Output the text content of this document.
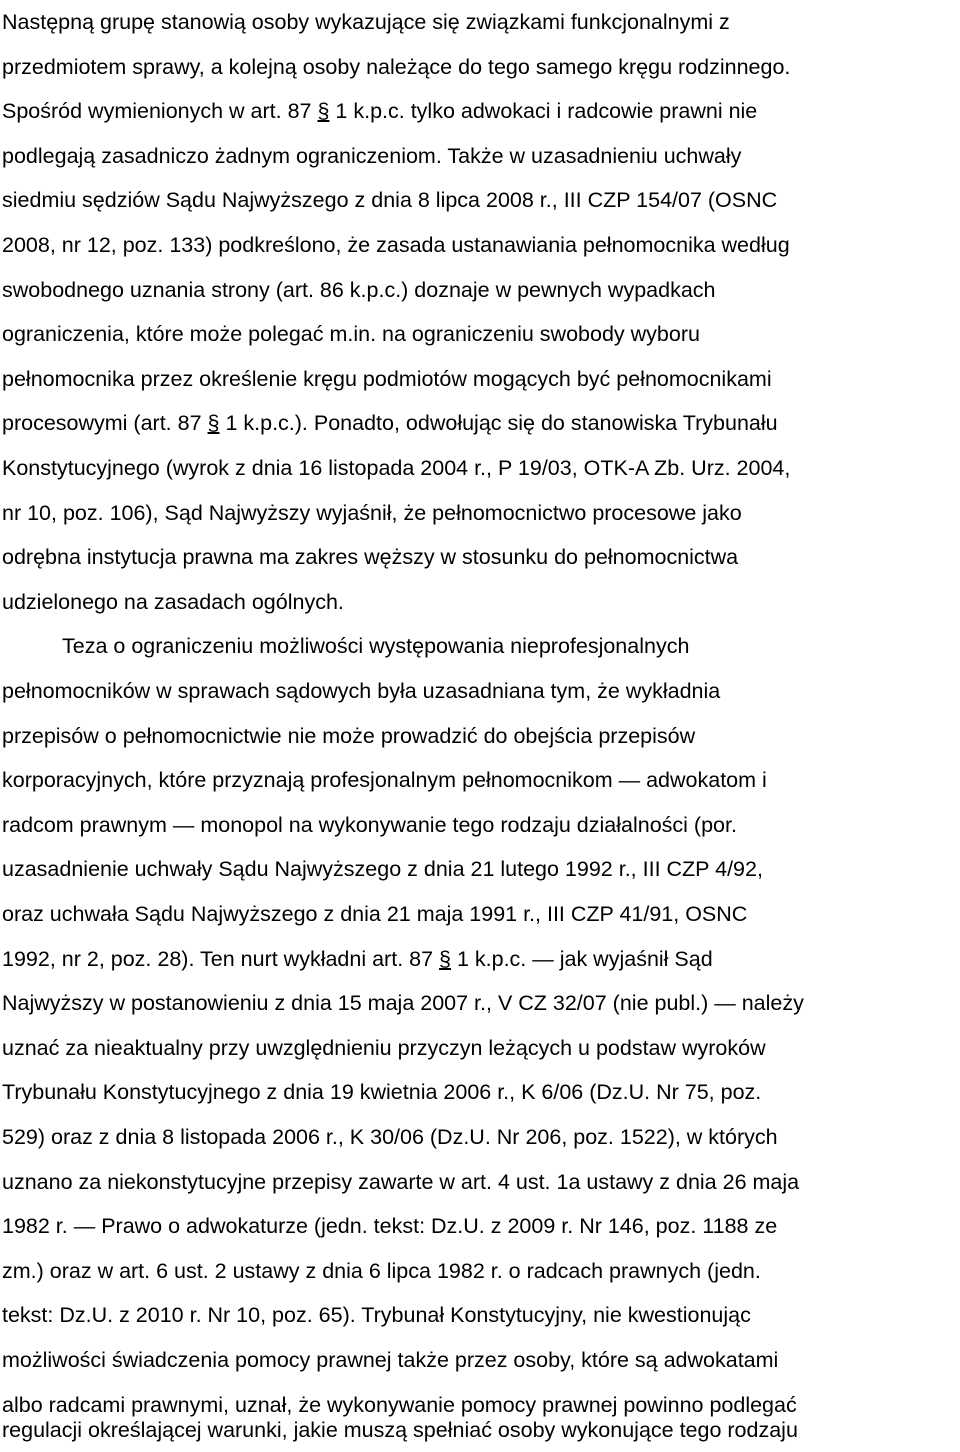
Następną grupę stanowią osoby wykazujące się związkami funkcjonalnymi z
przedmiotem sprawy, a kolejną osoby należące do tego samego kręgu rodzinnego.
Spośród wymienionych w art. 87 § 1 k.p.c. tylko adwokaci i radcowie prawni nie
podlegają zasadniczo żadnym ograniczeniom. Także w uzasadnieniu uchwały
siedmiu sędziów Sądu Najwyższego z dnia 8 lipca 2008 r., III CZP 154/07 (OSNC
2008, nr 12, poz. 133) podkreślono, że zasada ustanawiania pełnomocnika według
swobodnego uznania strony (art. 86 k.p.c.) doznaje w pewnych wypadkach
ograniczenia, które może polegać m.in. na ograniczeniu swobody wyboru
pełnomocnika przez określenie kręgu podmiotów mogących być pełnomocnikami
procesowymi (art. 87 § 1 k.p.c.). Ponadto, odwołując się do stanowiska Trybunału
Konstytucyjnego (wyrok z dnia 16 listopada 2004 r., P 19/03, OTK-A Zb. Urz. 2004,
nr 10, poz. 106), Sąd Najwyższy wyjaśnił, że pełnomocnictwo procesowe jako
odrębna instytucja prawna ma zakres węższy w stosunku do pełnomocnictwa
udzielonego na zasadach ogólnych.
Teza o ograniczeniu możliwości występowania nieprofesjonalnych
pełnomocników w sprawach sądowych była uzasadniana tym, że wykładnia
przepisów o pełnomocnictwie nie może prowadzić do obejścia przepisów
korporacyjnych, które przyznają profesjonalnym pełnomocnikom — adwokatom i
radcom prawnym — monopol na wykonywanie tego rodzaju działalności (por.
uzasadnienie uchwały Sądu Najwyższego z dnia 21 lutego 1992 r., III CZP 4/92,
oraz uchwała Sądu Najwyższego z dnia 21 maja 1991 r., III CZP 41/91, OSNC
1992, nr 2, poz. 28). Ten nurt wykładni art. 87 § 1 k.p.c. — jak wyjaśnił Sąd
Najwyższy w postanowieniu z dnia 15 maja 2007 r., V CZ 32/07 (nie publ.) — należy
uznać za nieaktualny przy uwzględnieniu przyczyn leżących u podstaw wyroków
Trybunału Konstytucyjnego z dnia 19 kwietnia 2006 r., K 6/06 (Dz.U. Nr 75, poz.
529) oraz z dnia 8 listopada 2006 r., K 30/06 (Dz.U. Nr 206, poz. 1522), w których
uznano za niekonstytucyjne przepisy zawarte w art. 4 ust. 1a ustawy z dnia 26 maja
1982 r. — Prawo o adwokaturze (jedn. tekst: Dz.U. z 2009 r. Nr 146, poz. 1188 ze
zm.) oraz w art. 6 ust. 2 ustawy z dnia 6 lipca 1982 r. o radcach prawnych (jedn.
tekst: Dz.U. z 2010 r. Nr 10, poz. 65). Trybunał Konstytucyjny, nie kwestionując
możliwości świadczenia pomocy prawnej także przez osoby, które są adwokatami
albo radcami prawnymi, uznał, że wykonywanie pomocy prawnej powinno podlegać
regulacji określającej warunki, jakie muszą spełniać osoby wykonujące tego rodzaju
